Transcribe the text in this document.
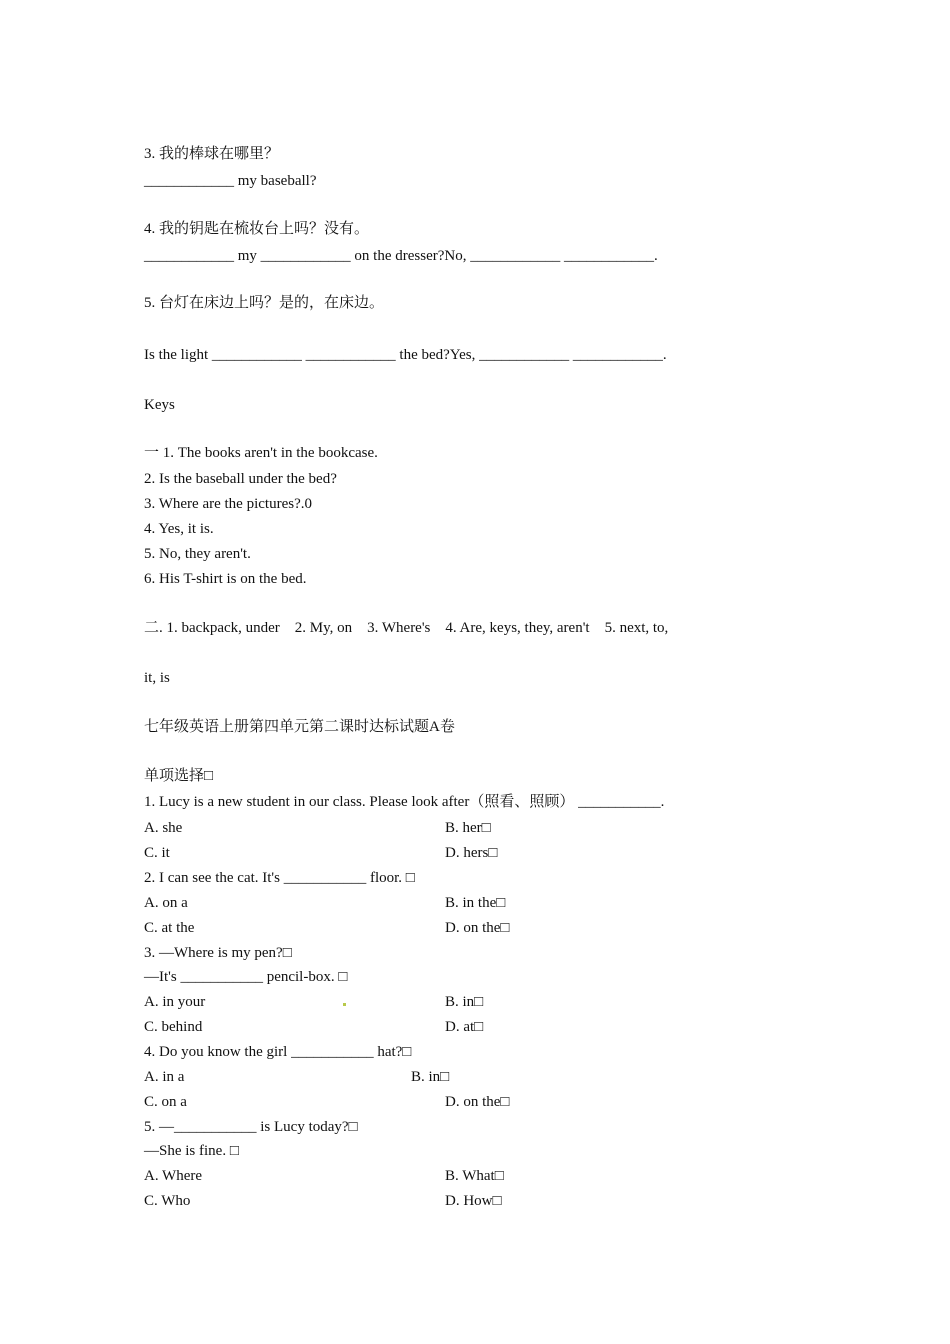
3. 我的棒球在哪里？
____________ my baseball?
4. 我的钥匙在梳妆台上吗？没有。
____________ my ____________ on the dresser?No, ____________ ____________.
5. 台灯在床边上吗？是的，在床边。
Is the light ____________ ____________ the bed?Yes, ____________ ____________.
Keys
一 1. The books aren't in the bookcase.
2. Is the baseball under the bed?
3. Where are the pictures?.0
4. Yes, it is.
5. No, they aren't.
6. His T-shirt is on the bed.
二. 1. backpack, under    2. My, on    3. Where's    4. Are, keys, they, aren't    5. next, to,
it, is
七年级英语上册第四单元第二课时达标试题A卷
单项选择□
1. Lucy is a new student in our class. Please look after（照看、照顾） ___________.
A. she	B. her□
C. it	D. hers□
2. I can see the cat. It's ___________ floor. □
A. on a	B. in the□
C. at the	D. on the□
3. —Where is my pen?□
—It's ___________ pencil-box. □
A. in your	B. in□
C. behind	D. at□
4. Do you know the girl ___________ hat?□
A. in a	B. in□
C. on a	D. on the□
5. —___________ is Lucy today?□
—She is fine. □
A. Where	B. What□
C. Who	D. How□
